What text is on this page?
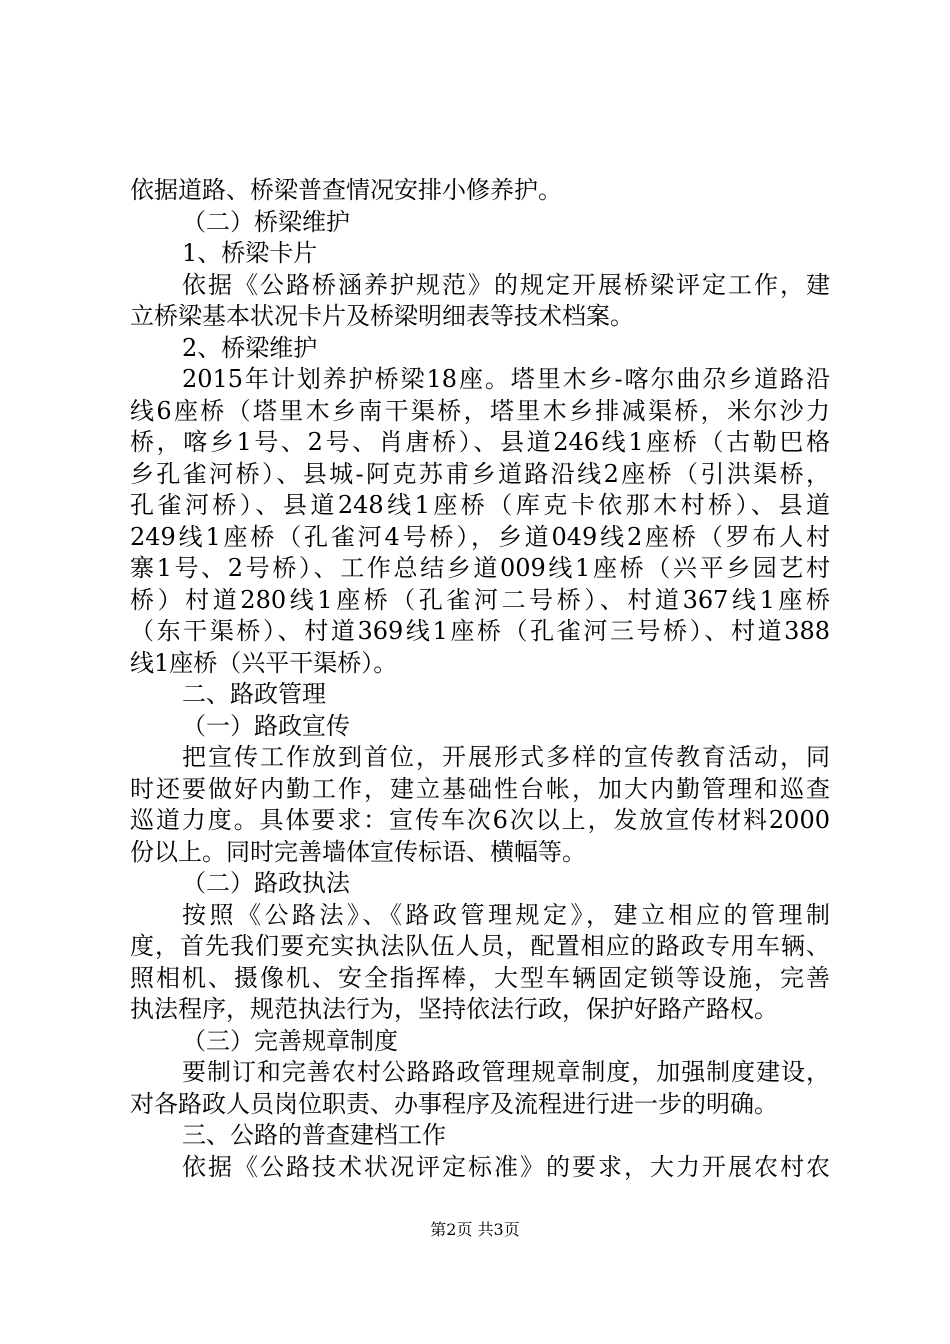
依据道路、桥梁普查情况安排小修养护。
（二）桥梁维护
1、桥梁卡片
依据《公路桥涵养护规范》的规定开展桥梁评定工作，建
立桥梁基本状况卡片及桥梁明细表等技术档案。
2、桥梁维护
2015年计划养护桥梁18座。塔里木乡-喀尔曲尕乡道路沿
线6座桥（塔里木乡南干渠桥，塔里木乡排减渠桥，米尔沙力
桥，喀乡1号、2号、肖唐桥）、县道246线1座桥（古勒巴格
乡孔雀河桥）、县城-阿克苏甫乡道路沿线2座桥（引洪渠桥，
孔雀河桥）、县道248线1座桥（库克卡依那木村桥）、县道
249线1座桥（孔雀河4号桥），乡道049线2座桥（罗布人村
寨1号、2号桥）、工作总结乡道009线1座桥（兴平乡园艺村
桥）村道280线1座桥（孔雀河二号桥）、村道367线1座桥
（东干渠桥）、村道369线1座桥（孔雀河三号桥）、村道388
线1座桥（兴平干渠桥）。
二、路政管理
（一）路政宣传
把宣传工作放到首位，开展形式多样的宣传教育活动，同
时还要做好内勤工作，建立基础性台帐，加大内勤管理和巡查
巡道力度。具体要求：宣传车次6次以上，发放宣传材料2000
份以上。同时完善墙体宣传标语、横幅等。
（二）路政执法
按照《公路法》、《路政管理规定》，建立相应的管理制
度，首先我们要充实执法队伍人员，配置相应的路政专用车辆、
照相机、摄像机、安全指挥棒，大型车辆固定锁等设施，完善
执法程序，规范执法行为，坚持依法行政，保护好路产路权。
（三）完善规章制度
要制订和完善农村公路路政管理规章制度，加强制度建设，
对各路政人员岗位职责、办事程序及流程进行进一步的明确。
三、公路的普查建档工作
依据《公路技术状况评定标准》的要求，大力开展农村农
第2页 共3页
